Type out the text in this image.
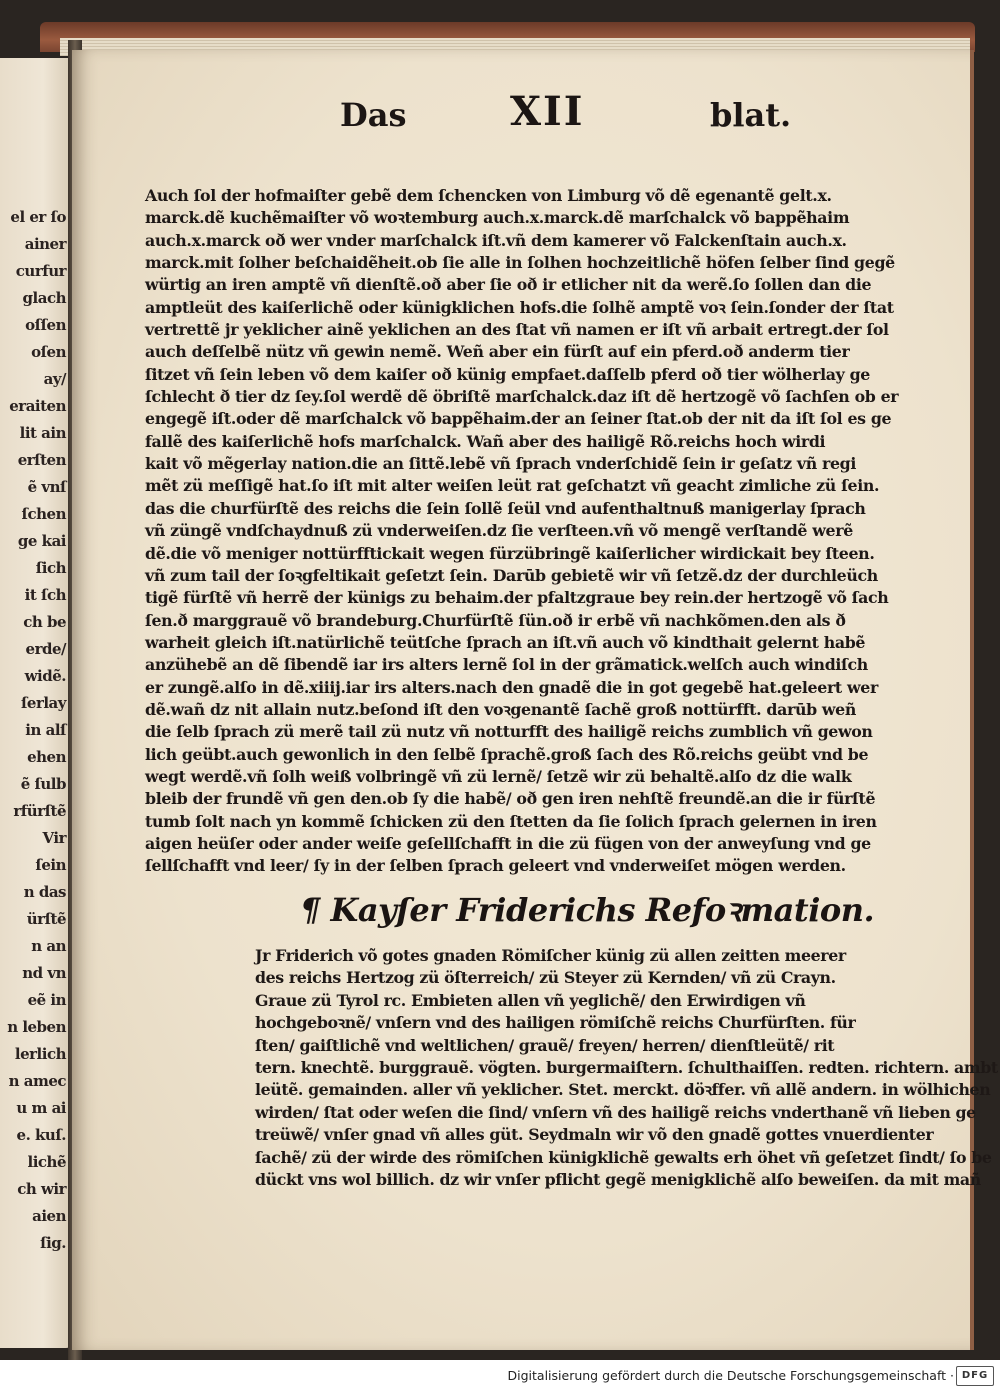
el er ſo
ainer
curfur
glach
oſſen
oſen
ay/
eraiten
lit ain
erſten
ẽ vnſ
ſchen
ge kai
ſich
it ſch
ch be
erde/
widẽ.
ſerlay
in alſ
ehen
ẽ ſulb
rfürſtẽ
Vir
ſein
n das
ürſtẽ
n an
nd vn
eẽ in
n leben
lerlich
n amec
u m ai
e. kuſ.
lichẽ
ch wir
aien
ſig.
Das	XII	blat.
Auch ſol der hofmaiſter gebẽ dem ſchencken von Limburg võ dẽ egenantẽ gelt.x.
marck.dẽ kuchẽmaiſter võ woꝛtemburg auch.x.marck.dẽ marſchalck võ bappẽhaim
auch.x.marck oð wer vnder marſchalck iſt.vñ dem kamerer võ Falckenſtain auch.x.
marck.mit ſolher beſchaidẽheit.ob ſie alle in ſolhen hochzeitlichẽ höfen ſelber ſind gegẽ
würtig an iren amptẽ vñ dienſtẽ.oð aber ſie oð ir etlicher nit da werẽ.ſo ſollen dan die
amptleüt des kaiſerlichẽ oder künigklichen hofs.die ſolhẽ amptẽ voꝛ ſein.ſonder der ſtat
vertrettẽ jr yeklicher ainẽ yeklichen an des ſtat vñ namen er iſt vñ arbait ertregt.der ſol
auch deſſelbẽ nütz vñ gewin nemẽ. Weñ aber ein fürſt auf ein pferd.oð anderm tier
ſitzet vñ ſein leben võ dem kaiſer oð künig empfaet.daſſelb pferd oð tier wölherlay ge
ſchlecht ð tier dz ſey.ſol werdẽ dẽ öbriſtẽ marſchalck.daz iſt dẽ hertzogẽ võ ſachſen ob er
engegẽ iſt.oder dẽ marſchalck võ bappẽhaim.der an ſeiner ſtat.ob der nit da iſt ſol es ge
fallẽ des kaiſerlichẽ hofs marſchalck. Wañ aber des hailigẽ Rõ.reichs hoch wirdi
kait võ mẽgerlay nation.die an ſittẽ.lebẽ vñ ſprach vnderſchidẽ ſein ir geſatz vñ regi
mẽt zü meſſigẽ hat.ſo iſt mit alter weiſen leüt rat geſchatzt vñ geacht zimliche zü ſein.
das die churfürſtẽ des reichs die ſein ſollẽ ſeül vnd aufenthaltnuß manigerlay ſprach
vñ züngẽ vndſchaydnuß zü vnderweiſen.dz ſie verſteen.vñ võ mengẽ verſtandẽ werẽ
dẽ.die võ meniger nottürfftickait wegen fürzübringẽ kaiſerlicher wirdickait bey ſteen.
vñ zum tail der ſoꝛgfeltikait geſetzt ſein. Darūb gebietẽ wir vñ ſetzẽ.dz der durchleüch
tigẽ fürſtẽ vñ herrẽ der künigs zu behaim.der pfaltzgraue bey rein.der hertzogẽ võ ſach
ſen.ð marggrauẽ võ brandeburg.Churfürſtẽ ſün.oð ir erbẽ vñ nachkõmen.den als ð
warheit gleich iſt.natürlichẽ teütſche ſprach an iſt.vñ auch võ kindthait gelernt habẽ
anzühebẽ an dẽ ſibendẽ iar irs alters lernẽ ſol in der grãmatick.welſch auch windiſch
er zungẽ.alſo in dẽ.xiiij.iar irs alters.nach den gnadẽ die in got gegebẽ hat.geleert wer
dẽ.wañ dz nit allain nutz.beſond iſt den voꝛgenantẽ ſachẽ groß nottürfft. darūb weñ
die ſelb ſprach zü merẽ tail zü nutz vñ notturfft des hailigẽ reichs zumblich vñ gewon
lich geübt.auch gewonlich in den ſelbẽ ſprachẽ.groß ſach des Rõ.reichs geübt vnd be
wegt werdẽ.vñ ſolh weiß volbringẽ vñ zü lernẽ/ ſetzẽ wir zü behaltẽ.alſo dz die walk
bleib der frundẽ vñ gen den.ob ſy die habẽ/ oð gen iren nehſtẽ freundẽ.an die ir fürſtẽ
tumb ſolt nach yn kommẽ ſchicken zü den ſtetten da ſie ſolich ſprach gelernen in iren
aigen heüſer oder ander weiſe geſellſchafft in die zü fügen von der anweyſung vnd ge
ſellſchafft vnd leer/ ſy in der ſelben ſprach geleert vnd vnderweiſet mögen werden.
¶ Kayſer Friderichs Refoꝛmation.
Jr Friderich võ gotes gnaden Römiſcher künig zü allen zeitten meerer
des reichs Hertzog zü öſterreich/ zü Steyer zü Kernden/ vñ zü Crayn.
Graue zü Tyrol rc. Embieten allen vñ yeglichẽ/ den Erwirdigen vñ
hochgeboꝛnẽ/ vnſern vnd des hailigen römiſchẽ reichs Churfürſten. für
ſten/ gaiſtlichẽ vnd weltlichen/ grauẽ/ freyen/ herren/ dienſtleütẽ/ rit
tern. knechtẽ. burggrauẽ. vögten. burgermaiſtern. ſchulthaiſſen. redten. richtern. ambt
leütẽ. gemainden. aller vñ yeklicher. Stet. merckt. döꝛffer. vñ allẽ andern. in wölhichen
wirden/ ſtat oder weſen die ſind/ vnſern vñ des hailigẽ reichs vnderthanẽ vñ lieben ge
treüwẽ/ vnſer gnad vñ alles güt. Seydmaln wir võ den gnadẽ gottes vnuerdienter
ſachẽ/ zü der wirde des römiſchen künigklichẽ gewalts erh öhet vñ geſetzet ſindt/ ſo be
dückt vns wol billich. dz wir vnſer pflicht gegẽ menigklichẽ alſo beweiſen. da mit mañ
Digitalisierung gefördert durch die Deutsche Forschungsgemeinschaft · DFG
